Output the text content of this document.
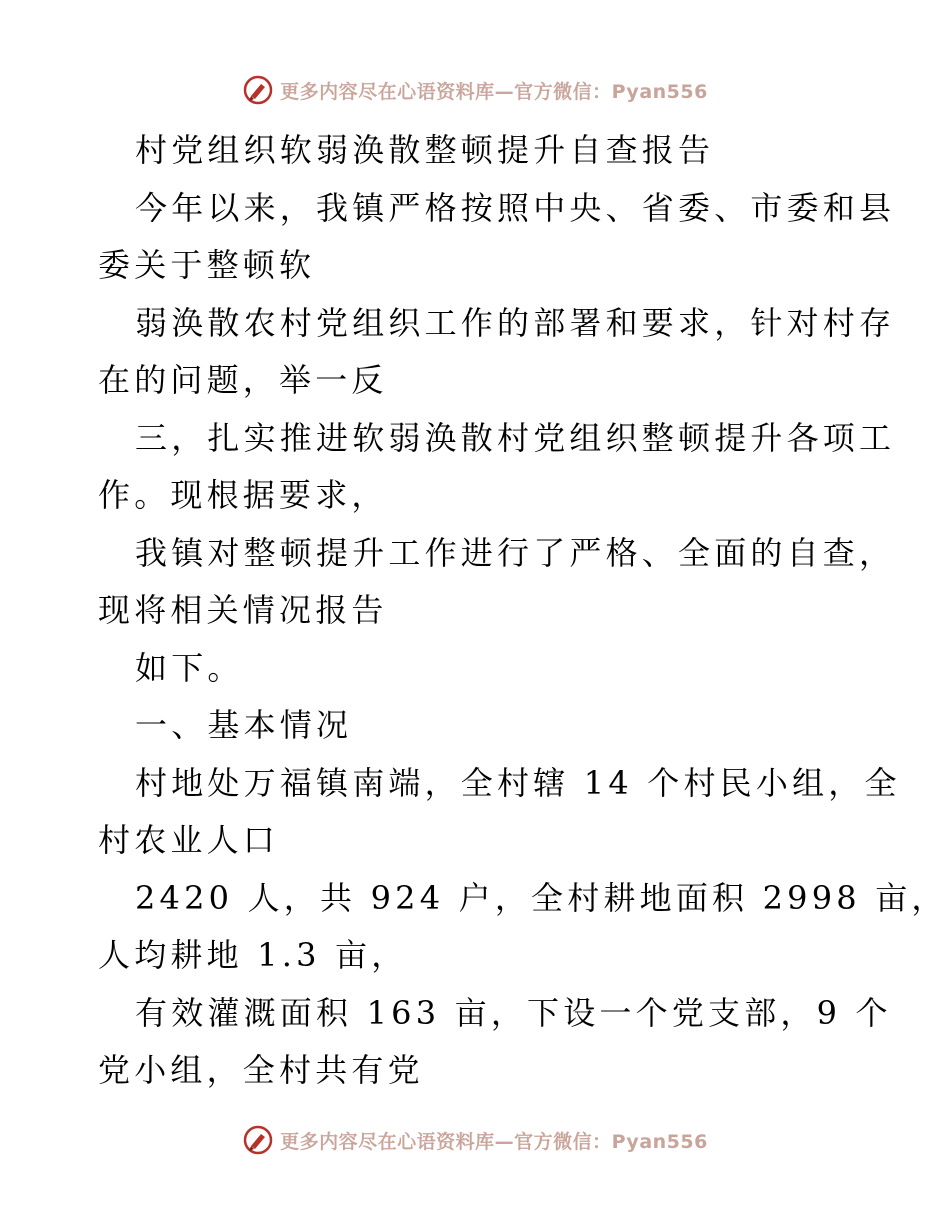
更多内容尽在心语资料库—官方微信：Pyan556
村党组织软弱涣散整顿提升自查报告
今年以来，我镇严格按照中央、省委、市委和县
委关于整顿软
弱涣散农村党组织工作的部署和要求，针对村存
在的问题，举一反
三，扎实推进软弱涣散村党组织整顿提升各项工
作。现根据要求，
我镇对整顿提升工作进行了严格、全面的自查，
现将相关情况报告
如下。
一、基本情况
村地处万福镇南端，全村辖 14 个村民小组，全
村农业人口
2420 人，共 924 户，全村耕地面积 2998 亩，
人均耕地 1.3 亩，
有效灌溉面积 163 亩，下设一个党支部，9 个
党小组，全村共有党
更多内容尽在心语资料库—官方微信：Pyan556
